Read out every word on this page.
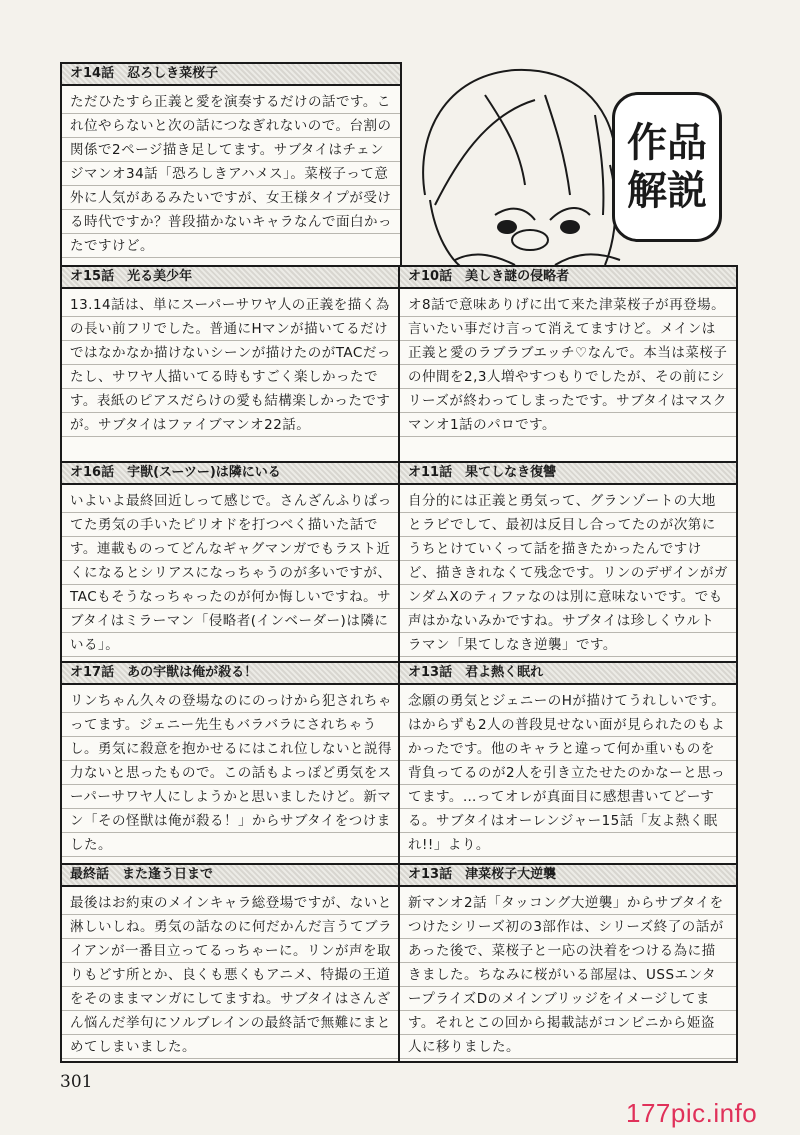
作品
解説
オ14話　忍ろしき菜桜子
ただひたすら正義と愛を演奏するだけの話です。これ位やらないと次の話につなぎれないので。台割の関係で2ページ描き足してます。サブタイはチェンジマンオ34話「恐ろしきアハメス」。菜桜子って意外に人気があるみたいですが、女王様タイプが受ける時代ですか？普段描かないキャラなんで面白かったですけど。
オ15話　光る美少年
13.14話は、単にスーパーサワヤ人の正義を描く為の長い前フリでした。普通にHマンが描いてるだけではなかなか描けないシーンが描けたのがTACだったし、サワヤ人描いてる時もすごく楽しかったです。表紙のピアスだらけの愛も結構楽しかったですが。サブタイはファイブマンオ22話。
オ10話　美しき謎の侵略者
オ8話で意味ありげに出て来た津菜桜子が再登場。言いたい事だけ言って消えてますけど。メインは正義と愛のラブラブエッチ♡なんで。本当は菜桜子の仲間を2,3人増やすつもりでしたが、その前にシリーズが終わってしまったです。サブタイはマスクマンオ1話のパロです。
オ16話　宇獣(スーツー)は隣にいる
いよいよ最終回近しって感じで。さんざんふりぱってた勇気の手いたピリオドを打つべく描いた話です。連載ものってどんなギャグマンガでもラスト近くになるとシリアスになっちゃうのが多いですが、TACもそうなっちゃったのが何か悔しいですね。サブタイはミラーマン「侵略者(インベーダー)は隣にいる」。
オ11話　果てしなき復讐
自分的には正義と勇気って、グランゾートの大地とラビでして、最初は反目し合ってたのが次第にうちとけていくって話を描きたかったんですけど、描ききれなくて残念です。リンのデザインがガンダムXのティファなのは別に意味ないです。でも声はかないみかですね。サブタイは珍しくウルトラマン「果てしなき逆襲」です。
オ17話　あの宇獣は俺が殺る！
リンちゃん久々の登場なのにのっけから犯されちゃってます。ジェニー先生もバラバラにされちゃうし。勇気に殺意を抱かせるにはこれ位しないと説得力ないと思ったもので。この話もよっぽど勇気をスーパーサワヤ人にしようかと思いましたけど。新マン「その怪獣は俺が殺る！」からサブタイをつけました。
オ13話　君よ熱く眠れ
念願の勇気とジェニーのHが描けてうれしいです。はからずも2人の普段見せない面が見られたのもよかったです。他のキャラと違って何か重いものを背負ってるのが2人を引き立たせたのかなーと思ってます。…ってオレが真面目に感想書いてどーする。サブタイはオーレンジャー15話「友よ熱く眠れ!!」より。
最終話　また逢う日まで
最後はお約束のメインキャラ総登場ですが、ないと淋しいしね。勇気の話なのに何だかんだ言うてブライアンが一番目立ってるっちゃーに。リンが声を取りもどす所とか、良くも悪くもアニメ、特撮の王道をそのままマンガにしてますね。サブタイはさんざん悩んだ挙句にソルブレインの最終話で無難にまとめてしまいました。
オ13話　津菜桜子大逆襲
新マンオ2話「タッコング大逆襲」からサブタイをつけたシリーズ初の3部作は、シリーズ終了の話があった後で、菜桜子と一応の決着をつける為に描きました。ちなみに桜がいる部屋は、USSエンタープライズDのメインブリッジをイメージしてます。それとこの回から掲載誌がコンビニから姫盗人に移りました。
301
177pic.info
